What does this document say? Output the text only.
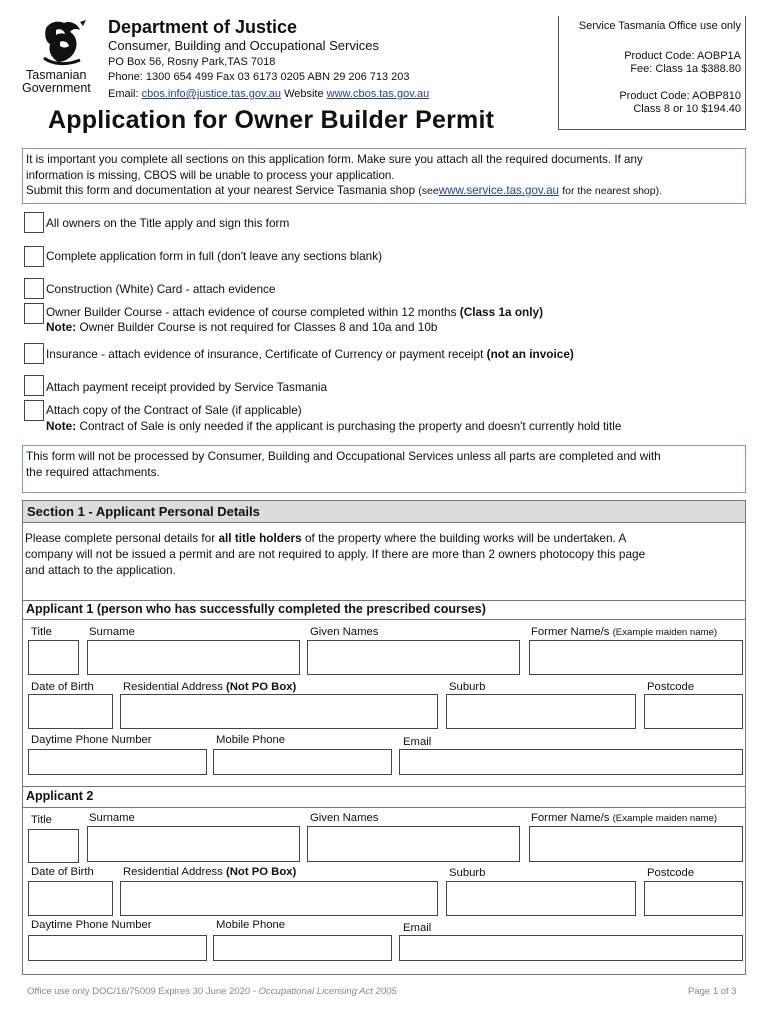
Tasmanian
Government
Department of Justice
Consumer, Building and Occupational Services
PO Box 56, Rosny Park,TAS 7018
Phone: 1300 654 499 Fax 03 6173 0205 ABN 29 206 713 203
Email: cbos.info@justice.tas.gov.au Website www.cbos.tas.gov.au
Service Tasmania Office use only
Product Code: AOBP1A
Fee: Class 1a $388.80
Product Code: AOBP810
Class 8 or 10 $194.40
Application for Owner Builder Permit
It is important you complete all sections on this application form. Make sure you attach all the required documents. If any
information is missing, CBOS will be unable to process your application.
Submit this form and documentation at your nearest Service Tasmania shop (seewww.service.tas.gov.au for the nearest shop).
All owners on the Title apply and sign this form
Complete application form in full (don't leave any sections blank)
Construction (White) Card - attach evidence
Owner Builder Course - attach evidence of course completed within 12 months (Class 1a only)
Note: Owner Builder Course is not required for Classes 8 and 10a and 10b
Insurance - attach evidence of insurance, Certificate of Currency or payment receipt (not an invoice)
Attach payment receipt provided by Service Tasmania
Attach copy of the Contract of Sale (if applicable)
Note: Contract of Sale is only needed if the applicant is purchasing the property and doesn't currently hold title
This form will not be processed by Consumer, Building and Occupational Services unless all parts are completed and with
the required attachments.
Section 1 - Applicant Personal Details
Please complete personal details for all title holders of the property where the building works will be undertaken. A
company will not be issued a permit and are not required to apply. If there are more than 2 owners photocopy this page
and attach to the application.
Applicant 1 (person who has successfully completed the prescribed courses)
Title	Surname	Given Names	Former Name/s (Example maiden name)
Date of Birth	Residential Address (Not PO Box)	Suburb	Postcode
Daytime Phone Number	Mobile Phone	Email
Applicant 2
Title	Surname	Given Names	Former Name/s (Example maiden name)
Date of Birth	Residential Address (Not PO Box)	Suburb	Postcode
Daytime Phone Number	Mobile Phone	Email
Office use only DOC/16/75009 Expires 30 June 2020 - Occupational Licensing Act 2005	Page 1 of 3
